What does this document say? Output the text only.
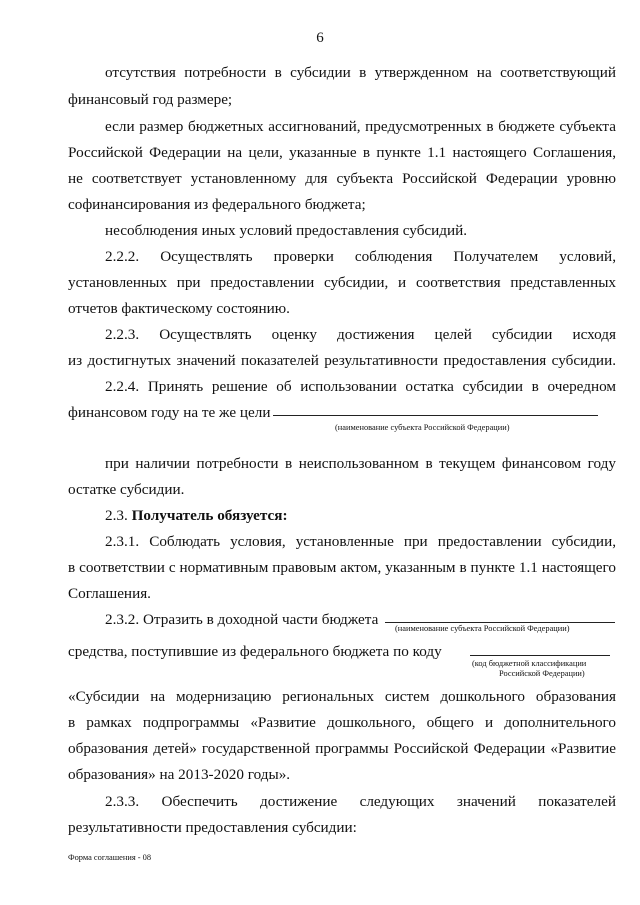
6

отсутствия потребности в субсидии в утвержденном на соответствующий

финансовый год размере;

если размер бюджетных ассигнований, предусмотренных в бюджете субъекта

Российской Федерации на цели, указанные в пункте 1.1 настоящего Соглашения,

не соответствует установленному для субъекта Российской Федерации уровню

софинансирования из федерального бюджета;

несоблюдения иных условий предоставления субсидий.

2.2.2. Осуществлять проверки соблюдения Получателем условий,

установленных при предоставлении субсидии, и соответствия представленных

отчетов фактическому состоянию.

2.2.3. Осуществлять оценку достижения целей субсидии исходя

из достигнутых значений показателей результативности предоставления субсидии.

2.2.4. Принять решение об использовании остатка субсидии в очередном

финансовом году на те же цели

(наименование субъекта Российской Федерации)

при наличии потребности в неиспользованном в текущем финансовом году

остатке субсидии.

2.3. Получатель обязуется:

2.3.1. Соблюдать условия, установленные при предоставлении субсидии,

в соответствии с нормативным правовым актом, указанным в пункте 1.1 настоящего

Соглашения.

2.3.2. Отразить в доходной части бюджета

(наименование субъекта Российской Федерации)

средства, поступившие из федерального бюджета по коду

(код бюджетной классификации
Российской Федерации)

«Субсидии на модернизацию региональных систем дошкольного образования

в рамках подпрограммы «Развитие дошкольного, общего и дополнительного

образования детей» государственной программы Российской Федерации «Развитие

образования» на 2013-2020 годы».

2.3.3. Обеспечить достижение следующих значений показателей

результативности предоставления субсидии:

Форма соглашения - 08
